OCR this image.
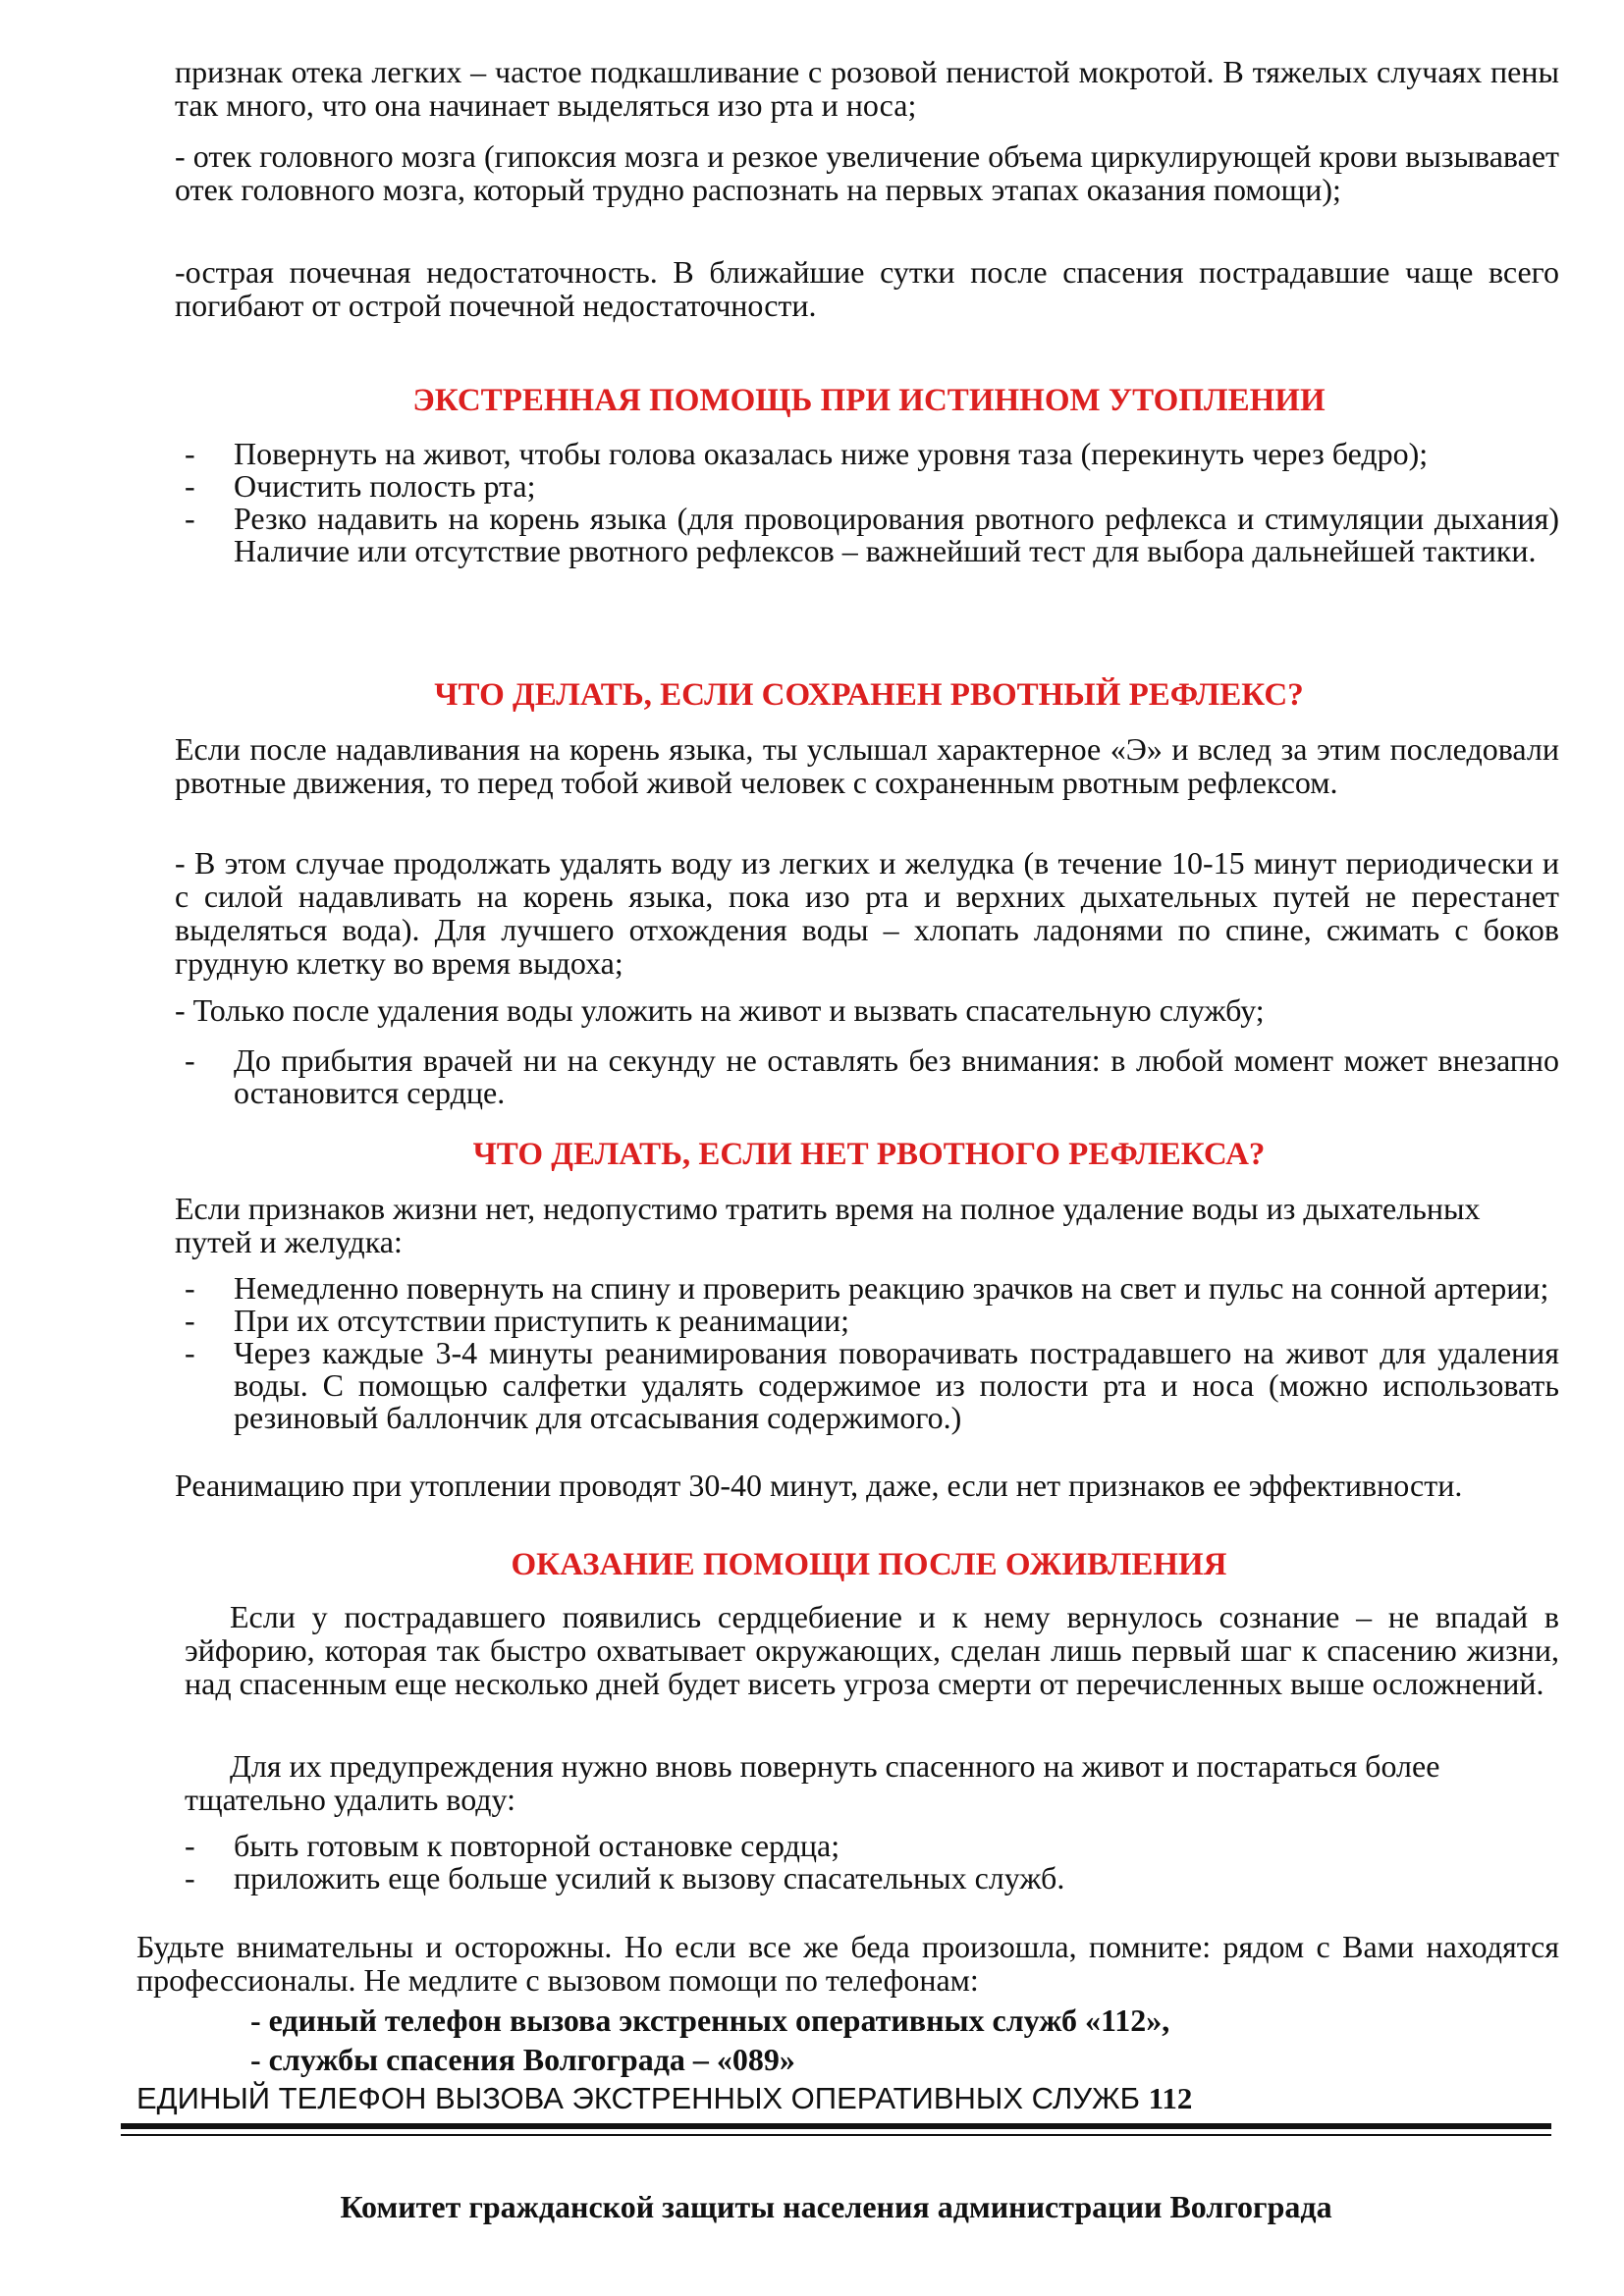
признак отека легких – частое подкашливание с розовой пенистой мокротой. В тяжелых случаях пены так много, что она начинает выделяться изо рта и носа;

- отек головного мозга (гипоксия мозга и резкое увеличение объема циркулирующей крови вызывавает отек головного мозга, который трудно распознать на первых этапах оказания помощи);

-острая почечная недостаточность. В ближайшие сутки после спасения пострадавшие чаще всего погибают от острой почечной недостаточности.

ЭКСТРЕННАЯ ПОМОЩЬ ПРИ ИСТИННОМ УТОПЛЕНИИ
- Повернуть на живот, чтобы голова оказалась ниже уровня таза (перекинуть через бедро);
- Очистить полость рта;
- Резко надавить на корень языка (для провоцирования рвотного рефлекса и стимуляции дыхания) Наличие или отсутствие рвотного рефлексов – важнейший тест для выбора дальнейшей тактики.
ЧТО ДЕЛАТЬ, ЕСЛИ СОХРАНЕН РВОТНЫЙ РЕФЛЕКС?

Если после надавливания на корень языка, ты услышал характерное «Э» и вслед за этим последовали рвотные движения, то перед тобой живой человек с сохраненным рвотным рефлексом.

- В этом случае продолжать удалять воду из легких и желудка (в течение 10-15 минут периодически и с силой надавливать на корень языка, пока изо рта и верхних дыхательных путей не перестанет выделяться вода). Для лучшего отхождения воды – хлопать ладонями по спине, сжимать с боков грудную клетку во время выдоха;

- Только после удаления воды уложить на живот и вызвать спасательную службу;

- До прибытия врачей ни на секунду не оставлять без внимания: в любой момент может внезапно остановится сердце.
ЧТО ДЕЛАТЬ, ЕСЛИ НЕТ РВОТНОГО РЕФЛЕКСА?

Если признаков жизни нет, недопустимо тратить время на полное удаление воды из дыхательных путей и желудка:

- Немедленно повернуть на спину и проверить реакцию зрачков на свет и пульс на сонной артерии;
- При их отсутствии приступить к реанимации;
- Через каждые 3-4 минуты реанимирования поворачивать пострадавшего на живот для удаления воды. С помощью салфетки удалять содержимое из полости рта и носа (можно использовать резиновый баллончик для отсасывания содержимого.)

Реанимацию при утоплении проводят 30-40 минут, даже, если нет признаков ее эффективности.

ОКАЗАНИЕ ПОМОЩИ ПОСЛЕ ОЖИВЛЕНИЯ

Если у пострадавшего появились сердцебиение и к нему вернулось сознание – не впадай в эйфорию, которая так быстро охватывает окружающих, сделан лишь первый шаг к спасению жизни, над спасенным еще несколько дней будет висеть угроза смерти от перечисленных выше осложнений.

Для их предупреждения нужно вновь повернуть спасенного на живот и постараться более тщательно удалить воду:

- быть готовым к повторной остановке сердца;
- приложить еще больше усилий к вызову спасательных служб.

Будьте внимательны и осторожны. Но если все же беда произошла, помните: рядом с Вами находятся профессионалы. Не медлите с вызовом помощи по телефонам:

- единый телефон вызова экстренных оперативных служб «112»,
- службы спасения Волгограда – «089»
ЕДИНЫЙ ТЕЛЕФОН ВЫЗОВА ЭКСТРЕННЫХ ОПЕРАТИВНЫХ СЛУЖБ 112

Комитет гражданской защиты населения администрации Волгограда
